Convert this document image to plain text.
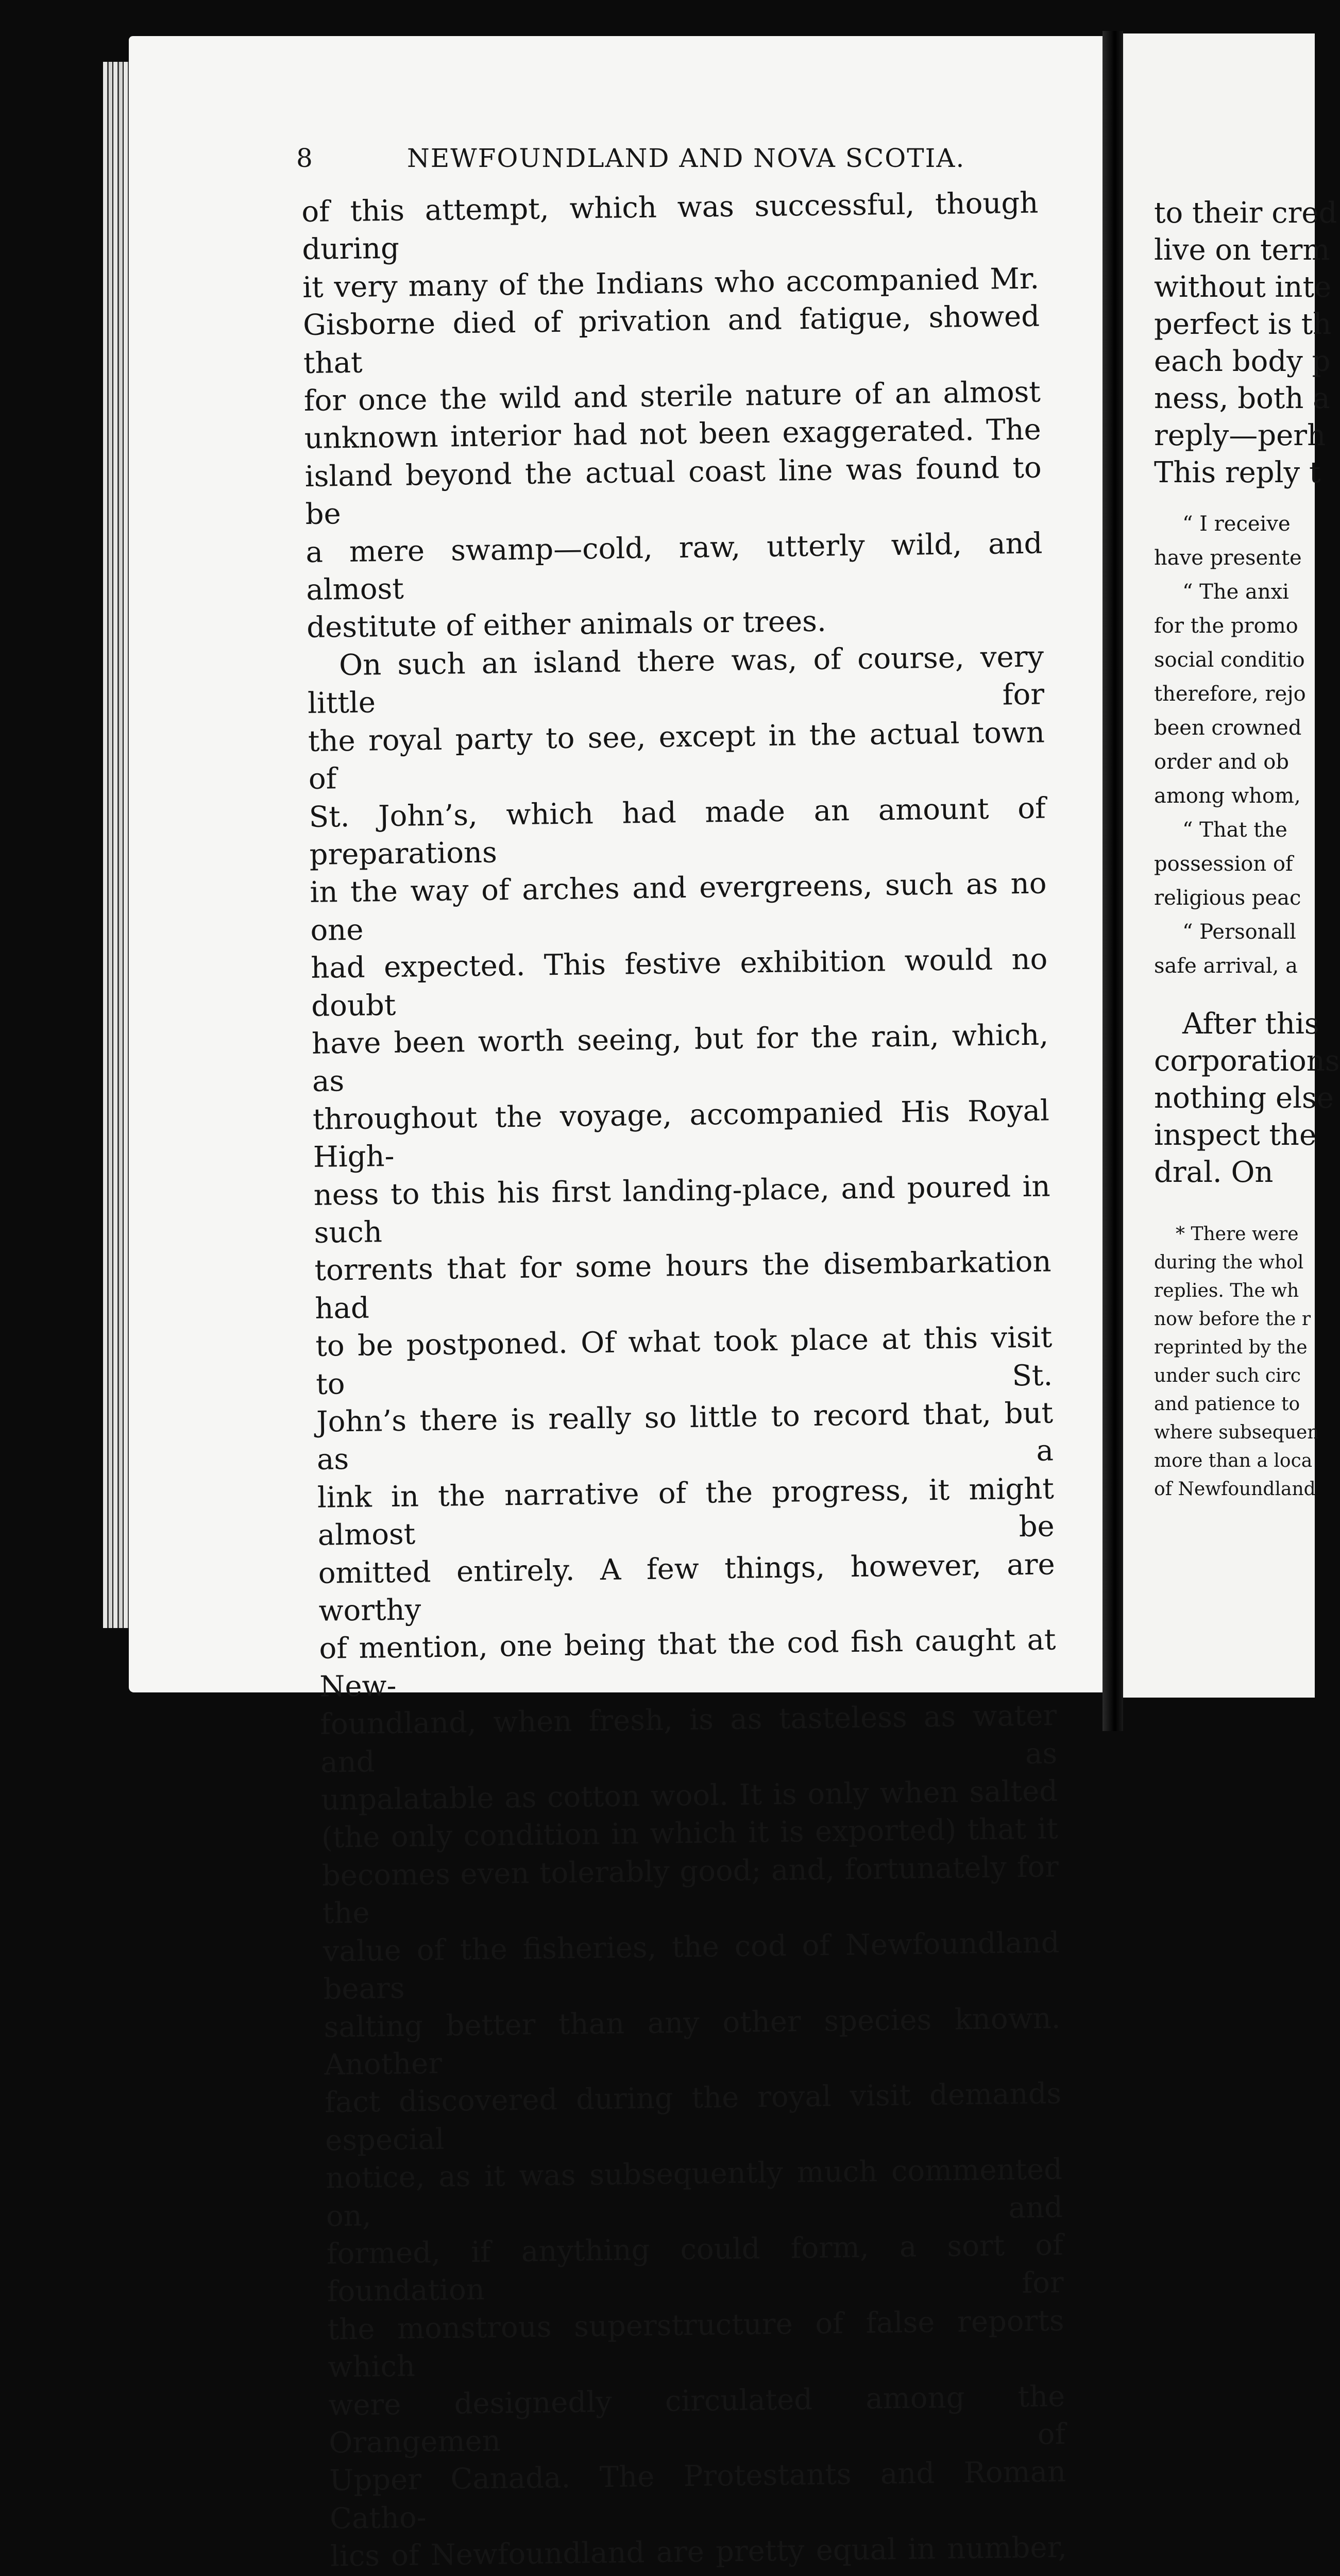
8	NEWFOUNDLAND AND NOVA SCOTIA.

of this attempt, which was successful, though during

it very many of the Indians who accompanied Mr.

Gisborne died of privation and fatigue, showed that

for once the wild and sterile nature of an almost

unknown interior had not been exaggerated. The

island beyond the actual coast line was found to be

a mere swamp—cold, raw, utterly wild, and almost

destitute of either animals or trees.

On such an island there was, of course, very little for

the royal party to see, except in the actual town of

St. John’s, which had made an amount of preparations

in the way of arches and evergreens, such as no one

had expected. This festive exhibition would no doubt

have been worth seeing, but for the rain, which, as

throughout the voyage, accompanied His Royal High-

ness to this his first landing-place, and poured in such

torrents that for some hours the disembarkation had

to be postponed. Of what took place at this visit to St.

John’s there is really so little to record that, but as a

link in the narrative of the progress, it might almost be

omitted entirely. A few things, however, are worthy

of mention, one being that the cod fish caught at New-

foundland, when fresh, is as tasteless as water and as

unpalatable as cotton wool. It is only when salted

(the only condition in which it is exported) that it

becomes even tolerably good; and, fortunately for the

value of the fisheries, the cod of Newfoundland bears

salting better than any other species known. Another

fact discovered during the royal visit demands especial

notice, as it was subsequently much commented on, and

formed, if anything could form, a sort of foundation for

the monstrous superstructure of false reports which

were designedly circulated among the Orangemen of

Upper Canada. The Protestants and Roman Catho-

lics of Newfoundland are pretty equal in number,

to their cred
live on term
without inte
perfect is th
each body p
ness, both a
reply—perh
This reply t
“ I receive
have presente
“ The anxi
for the promo
social conditio
therefore, rejo
been crowned
order and ob
among whom,
“ That the
possession of
religious peac
“ Personall
safe arrival, a
After this
corporations
nothing else
inspect the
dral. On
* There were
during the whol
replies. The wh
now before the r
reprinted by the
under such circ
and patience to
where subsequen
more than a loca
of Newfoundland
